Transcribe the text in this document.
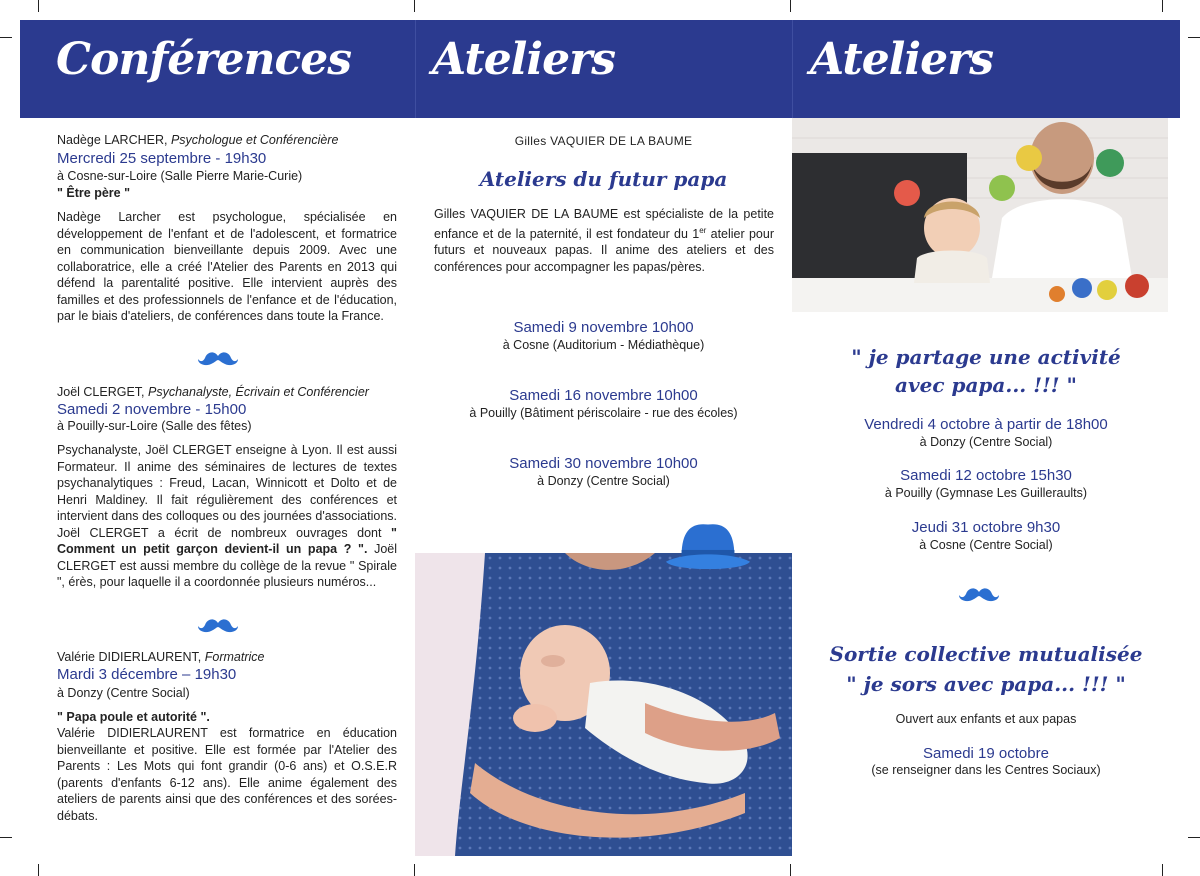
Conférences Ateliers	Ateliers
Nadège LARCHER, Psychologue et Conférencière
Mercredi 25 septembre - 19h30
à Cosne-sur-Loire (Salle Pierre Marie-Curie)
" Être père "
Nadège Larcher est psychologue, spécialisée en développement de l'enfant et de l'adolescent, et formatrice en communication bienveillante depuis 2009. Avec une collaboratrice, elle a créé l'Atelier des Parents en 2013 qui défend la parentalité positive. Elle intervient auprès des familles et des professionnels de l'enfance et de l'éducation, par le biais d'ateliers, de conférences dans toute la France.
Joël CLERGET, Psychanalyste, Écrivain et Conférencier
Samedi 2 novembre - 15h00
à Pouilly-sur-Loire (Salle des fêtes)
Psychanalyste, Joël CLERGET enseigne à Lyon. Il est aussi Formateur. Il anime des séminaires de lectures de textes psychanalytiques : Freud, Lacan, Winnicott et Dolto et de Henri Maldiney. Il fait régulièrement des conférences et intervient dans des colloques ou des journées d'associations. Joël CLERGET a écrit de nombreux ouvrages dont " Comment un petit garçon devient-il un papa ? ". Joël CLERGET est aussi membre du collège de la revue " Spirale ", érès, pour laquelle il a coordonnée plusieurs numéros...
Valérie DIDIERLAURENT, Formatrice
Mardi 3 décembre – 19h30
à Donzy (Centre Social)
" Papa poule et autorité ".
Valérie DIDIERLAURENT est formatrice en éducation bienveillante et positive. Elle est formée par l'Atelier des Parents : Les Mots qui font grandir (0-6 ans) et O.S.E.R (parents d'enfants 6-12 ans). Elle anime également des ateliers de parents ainsi que des conférences et des sorées-débats.
Gilles VAQUIER DE LA BAUME
Ateliers du futur papa
Gilles VAQUIER DE LA BAUME est spécialiste de la petite enfance et de la paternité, il est fondateur du 1er atelier pour futurs et nouveaux papas. Il anime des ateliers et des conférences pour accompagner les papas/pères.
Samedi 9 novembre 10h00
à Cosne (Auditorium - Médiathèque)
Samedi 16 novembre 10h00
à Pouilly (Bâtiment périscolaire - rue des écoles)
Samedi 30 novembre 10h00
à Donzy (Centre Social)
" je partage une activité
avec papa... !!! "
Vendredi 4 octobre à partir de 18h00
à Donzy (Centre Social)
Samedi 12 octobre 15h30
à Pouilly (Gymnase Les Guilleraults)
Jeudi 31 octobre 9h30
à Cosne (Centre Social)
Sortie collective mutualisée
" je sors avec papa... !!! "
Ouvert aux enfants et aux papas
Samedi 19 octobre
(se renseigner dans les Centres Sociaux)
